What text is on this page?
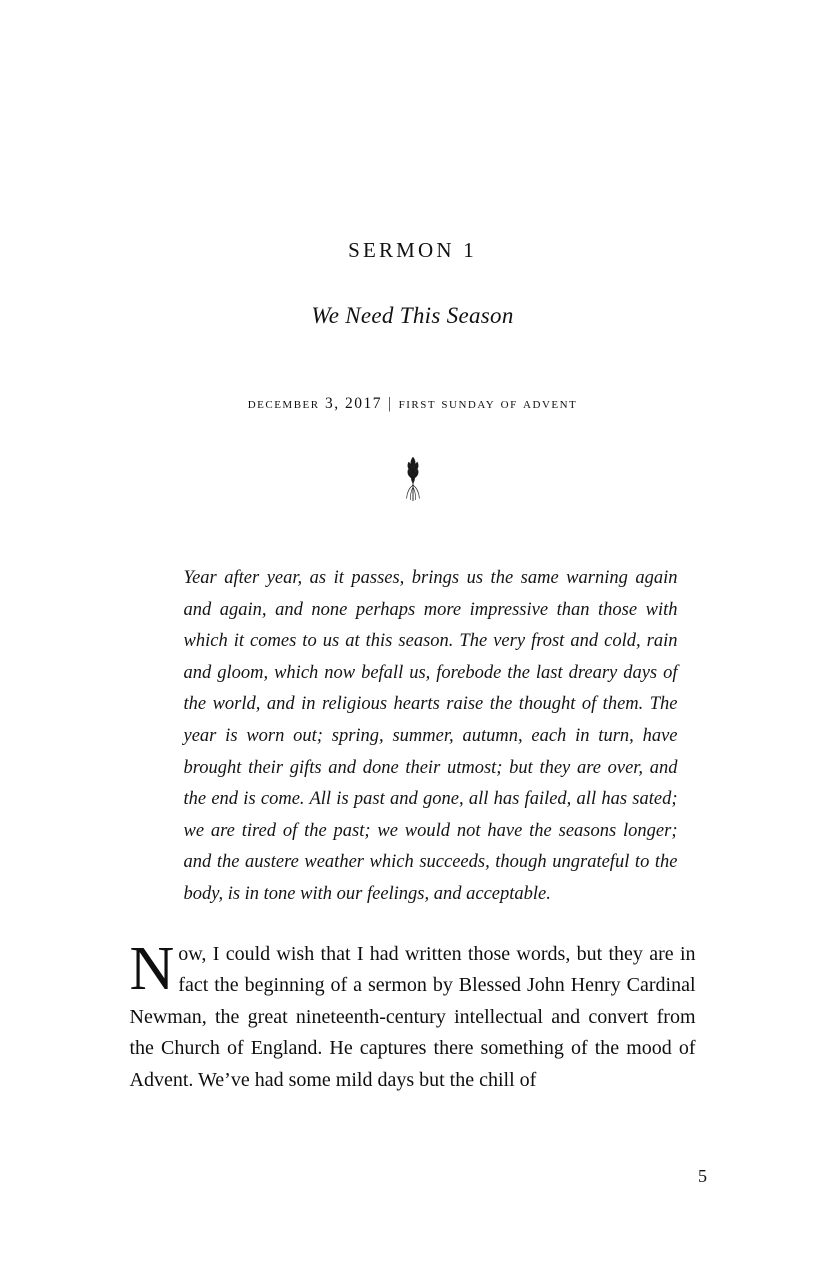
SERMON 1
We Need This Season
december 3, 2017 | first sunday of advent
Year after year, as it passes, brings us the same warning again and again, and none perhaps more impressive than those with which it comes to us at this season. The very frost and cold, rain and gloom, which now befall us, forebode the last dreary days of the world, and in religious hearts raise the thought of them. The year is worn out; spring, summer, autumn, each in turn, have brought their gifts and done their utmost; but they are over, and the end is come. All is past and gone, all has failed, all has sated; we are tired of the past; we would not have the seasons longer; and the austere weather which succeeds, though ungrateful to the body, is in tone with our feelings, and acceptable.
Now, I could wish that I had written those words, but they are in fact the beginning of a sermon by Blessed John Henry Cardinal Newman, the great nineteenth-century intellectual and convert from the Church of England. He captures there something of the mood of Advent. We’ve had some mild days but the chill of
5
